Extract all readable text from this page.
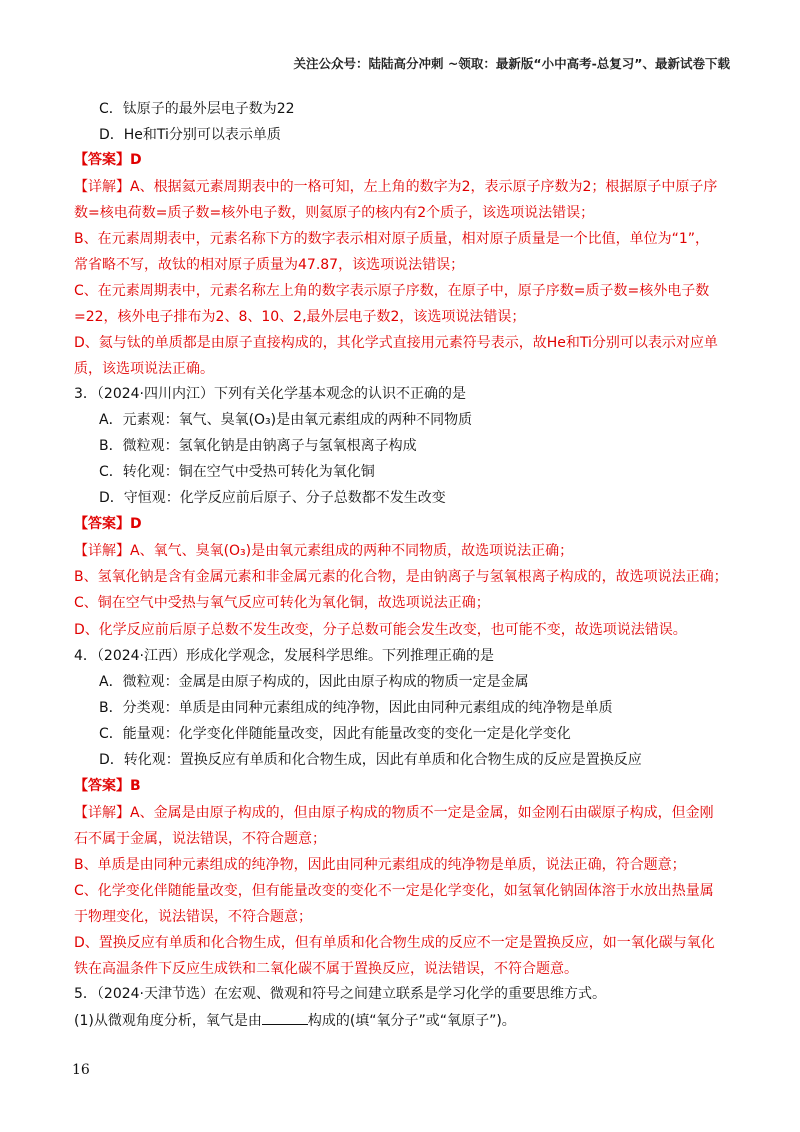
关注公众号：陆陆高分冲刺 ~领取：最新版“小中高考-总复习”、最新试卷下载
C．钛原子的最外层电子数为22
D．He和Ti分别可以表示单质
【答案】D
【详解】A、根据氦元素周期表中的一格可知，左上角的数字为2，表示原子序数为2；根据原子中原子序
数=核电荷数=质子数=核外电子数，则氦原子的核内有2个质子，该选项说法错误；
B、在元素周期表中，元素名称下方的数字表示相对原子质量，相对原子质量是一个比值，单位为“1”，
常省略不写，故钛的相对原子质量为47.87，该选项说法错误；
C、在元素周期表中，元素名称左上角的数字表示原子序数，在原子中，原子序数=质子数=核外电子数
=22，核外电子排布为2、8、10、2,最外层电子数2，该选项说法错误；
D、氦与钛的单质都是由原子直接构成的，其化学式直接用元素符号表示，故He和Ti分别可以表示对应单
质，该选项说法正确。
3．（2024·四川内江）下列有关化学基本观念的认识不正确的是
A．元素观：氧气、臭氧(O₃)是由氧元素组成的两种不同物质
B．微粒观：氢氧化钠是由钠离子与氢氧根离子构成
C．转化观：铜在空气中受热可转化为氧化铜
D．守恒观：化学反应前后原子、分子总数都不发生改变
【答案】D
【详解】A、氧气、臭氧(O₃)是由氧元素组成的两种不同物质，故选项说法正确；
B、氢氧化钠是含有金属元素和非金属元素的化合物，是由钠离子与氢氧根离子构成的，故选项说法正确；
C、铜在空气中受热与氧气反应可转化为氧化铜，故选项说法正确；
D、化学反应前后原子总数不发生改变，分子总数可能会发生改变，也可能不变，故选项说法错误。
4．（2024·江西）形成化学观念，发展科学思维。下列推理正确的是
A．微粒观：金属是由原子构成的，因此由原子构成的物质一定是金属
B．分类观：单质是由同种元素组成的纯净物，因此由同种元素组成的纯净物是单质
C．能量观：化学变化伴随能量改变，因此有能量改变的变化一定是化学变化
D．转化观：置换反应有单质和化合物生成，因此有单质和化合物生成的反应是置换反应
【答案】B
【详解】A、金属是由原子构成的，但由原子构成的物质不一定是金属，如金刚石由碳原子构成，但金刚
石不属于金属，说法错误，不符合题意；
B、单质是由同种元素组成的纯净物，因此由同种元素组成的纯净物是单质，说法正确，符合题意；
C、化学变化伴随能量改变，但有能量改变的变化不一定是化学变化，如氢氧化钠固体溶于水放出热量属
于物理变化，说法错误，不符合题意；
D、置换反应有单质和化合物生成，但有单质和化合物生成的反应不一定是置换反应，如一氧化碳与氧化
铁在高温条件下反应生成铁和二氧化碳不属于置换反应，说法错误，不符合题意。
5．（2024·天津节选）在宏观、微观和符号之间建立联系是学习化学的重要思维方式。
(1)从微观角度分析，氧气是由	构成的(填“氧分子”或“氧原子”)。
16
